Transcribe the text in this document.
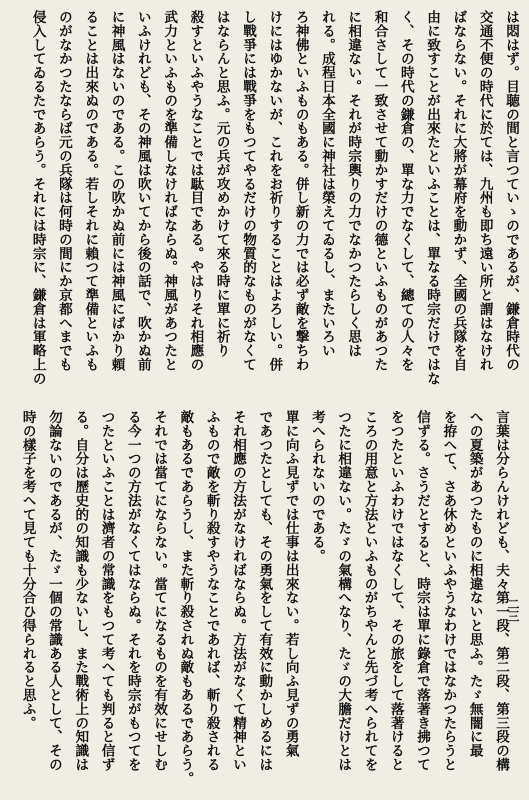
は悶はず。目聴の間と言つていゝのであるが、鎌倉時代の
交通不便の時代に於ては、九州も即ち遠い所と謂はなけれ
ばならない。それに大將が幕府を動かず、全國の兵隊を自
由に致すことが出來たといふことは、單なる時宗だけではな
く、その時代の鎌倉の、單な力でなくして、總ての人々を
和合さして一致させて動かすだけの德といふものがあつた
に相違ない。それが時宗輿りの力でなかつたらしく思は
れる。成程日本全國に神社は榮えてゐるし、またいろい
ろ神佛といふものもある。併し新の力では必ず敵を撃ちわ
けにはゆかないが、これをお祈りすることはよろしい。併
し戰爭には戰爭をもつてやるだけの物質的なものがなくて
はならんと思ふ。元の兵が攻めかけて來る時に單に祈り
殺すといふやうなことでは駄目である。やはりそれ相應の
武力といふものを準備しなければならぬ。神風があつたと
いふけれども、その神風は吹いてから後の話で、吹かぬ前
に神風はないのである。この吹かぬ前には神風にばかり頼
ることは出來ぬのである。若しそれに賴つて準備といふも
のがなかつたならば元の兵隊は何時の間にか京都へまでも
侵入してゐるたであらう。それには時宗に、鎌倉は軍略上の
二三
言葉は分らんけれども、夫々第一段、第二段、第三段の構
への夏築があつたものに相違ないと思ふ。たゞ無闇に最
を拵へて、さあ休めといふやうなわけではなかつたらうと
信ずる。さうだとすると、時宗は單に錄倉で落著き拂つて
をつたといふわけではなくして、その旅をして落著けると
ころの用意と方法といふものがちやんと先づ考へられてを
つたに相違ない。たゞの氣構へなり、たゞの大膽だけとは
考へられないのである。
單に向ふ見ずでは仕事は出來ない。若し向ふ見ずの勇氣
であつたとしても、その勇氣をして有效に動かしめるには
それ相應の方法がなければならぬ。方法がなくて精神とい
ふもので敵を斬り殺すやうなことであれば、斬り殺される
敵もあるであらうし、また斬り殺されぬ敵もあるであらう。
それでは當てにならない。當てになるものを有效にせしむ
る今一つの方法がなくてはならぬ。それを時宗がもつてを
つたといふことは濟者の常識をもつて考へても判ると信ず
る。自分は歷史的の知識も少ないし、また戰術上の知識は
勿論ないのであるが、たゞ一個の常識ある人として、その
時の樣子を考へて見ても十分合ひ得られると思ふ。
